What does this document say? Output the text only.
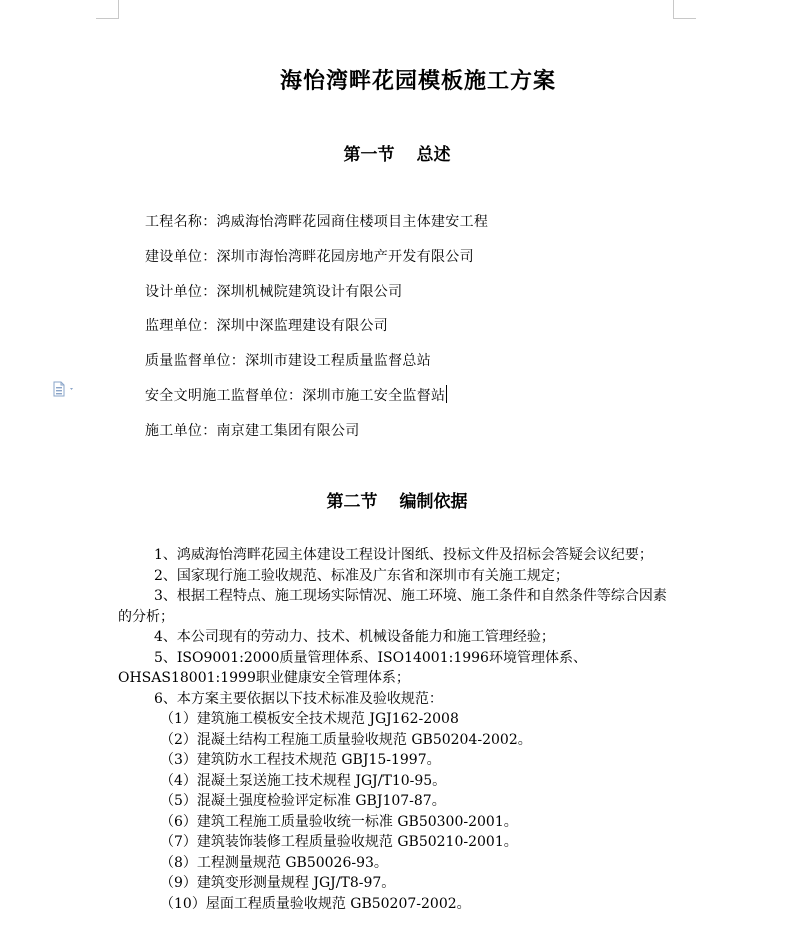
海怡湾畔花园模板施工方案
第一节 总述
工程名称：鸿威海怡湾畔花园商住楼项目主体建安工程
建设单位：深圳市海怡湾畔花园房地产开发有限公司
设计单位：深圳机械院建筑设计有限公司
监理单位：深圳中深监理建设有限公司
质量监督单位：深圳市建设工程质量监督总站
安全文明施工监督单位：深圳市施工安全监督站
施工单位：南京建工集团有限公司
第二节 编制依据

1、鸿威海怡湾畔花园主体建设工程设计图纸、投标文件及招标会答疑会议纪要；

2、国家现行施工验收规范、标准及广东省和深圳市有关施工规定；

3、根据工程特点、施工现场实际情况、施工环境、施工条件和自然条件等综合因素的分析；

4、本公司现有的劳动力、技术、机械设备能力和施工管理经验；

5、ISO9001:2000质量管理体系、ISO14001:1996环境管理体系、OHSAS18001:1999职业健康安全管理体系；

6、本方案主要依据以下技术标准及验收规范：

（1）建筑施工模板安全技术规范 JGJ162-2008
（2）混凝土结构工程施工质量验收规范 GB50204-2002。
（3）建筑防水工程技术规范 GBJ15-1997。
（4）混凝土泵送施工技术规程 JGJ/T10-95。
（5）混凝土强度检验评定标准 GBJ107-87。
（6）建筑工程施工质量验收统一标准 GB50300-2001。
（7）建筑装饰装修工程质量验收规范 GB50210-2001。
（8）工程测量规范 GB50026-93。
（9）建筑变形测量规程 JGJ/T8-97。
（10）屋面工程质量验收规范 GB50207-2002。
